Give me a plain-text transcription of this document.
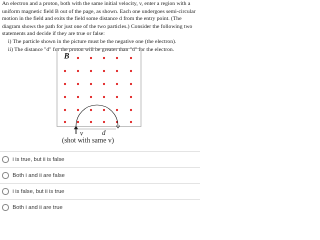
An electron and a proton, both with the same initial velocity, v, enter a region with a uniform magnetic field B out of the page, as shown. Each one undergoes semi-circular motion in the field and exits the field some distance d from the entry point. (The diagram shows the path for just one of the two particles.) Consider the following two statements and decide if they are true or false:

i) The particle shown in the picture must be the negative one (the electron).

ii) The distance "d" for the proton will be greater than "d" for the electron.

B
d
v
(shot with same v)
i is true, but ii is false
Both i and ii are false
i is false, but ii is true
Both i and ii are true
